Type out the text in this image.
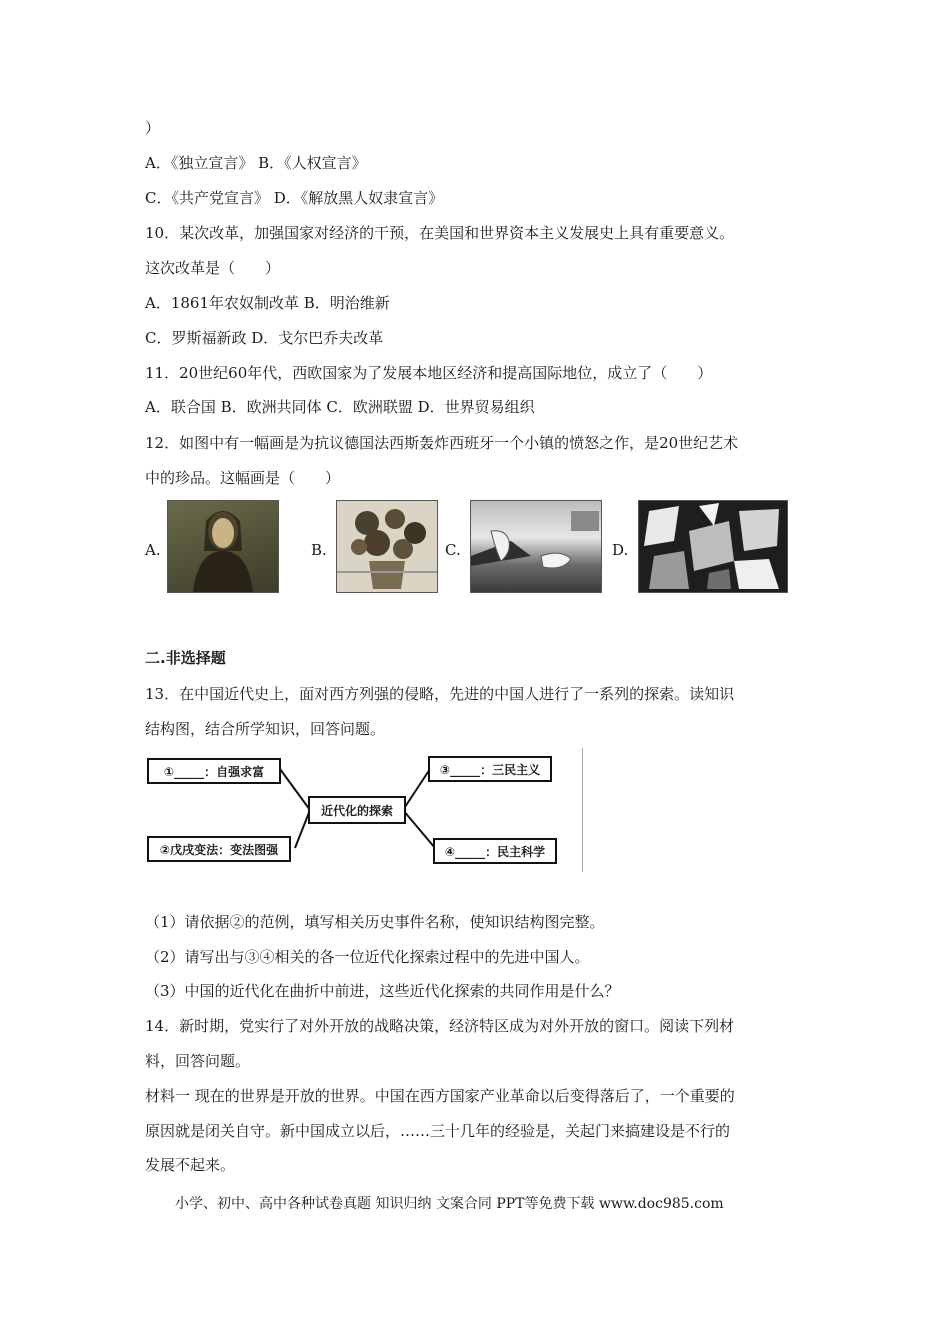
）
A．《独立宣言》 B．《人权宣言》
C．《共产党宣言》 D．《解放黑人奴隶宣言》
10．某次改革，加强国家对经济的干预，在美国和世界资本主义发展史上具有重要意义。
这次改革是（　　）
A．1861年农奴制改革 B．明治维新
C．罗斯福新政 D．戈尔巴乔夫改革
11．20世纪60年代，西欧国家为了发展本地区经济和提高国际地位，成立了（　　）
A．联合国 B．欧洲共同体 C．欧洲联盟 D．世界贸易组织
12．如图中有一幅画是为抗议德国法西斯轰炸西班牙一个小镇的愤怒之作，是20世纪艺术
中的珍品。这幅画是（　　）
A.	B.	C.	D.
二.非选择题
13．在中国近代史上，面对西方列强的侵略，先进的中国人进行了一系列的探索。读知识
结构图，结合所学知识，回答问题。
①_____：自强求富
②戊戌变法：变法图强
近代化的探索
③_____：三民主义
④_____：民主科学
（1）请依据②的范例，填写相关历史事件名称，使知识结构图完整。
（2）请写出与③④相关的各一位近代化探索过程中的先进中国人。
（3）中国的近代化在曲折中前进，这些近代化探索的共同作用是什么？
14．新时期，党实行了对外开放的战略决策，经济特区成为对外开放的窗口。阅读下列材
料，回答问题。
材料一 现在的世界是开放的世界。中国在西方国家产业革命以后变得落后了，一个重要的
原因就是闭关自守。新中国成立以后，……三十几年的经验是，关起门来搞建设是不行的
发展不起来。
小学、初中、高中各种试卷真题 知识归纳 文案合同 PPT等免费下载 www.doc985.com
